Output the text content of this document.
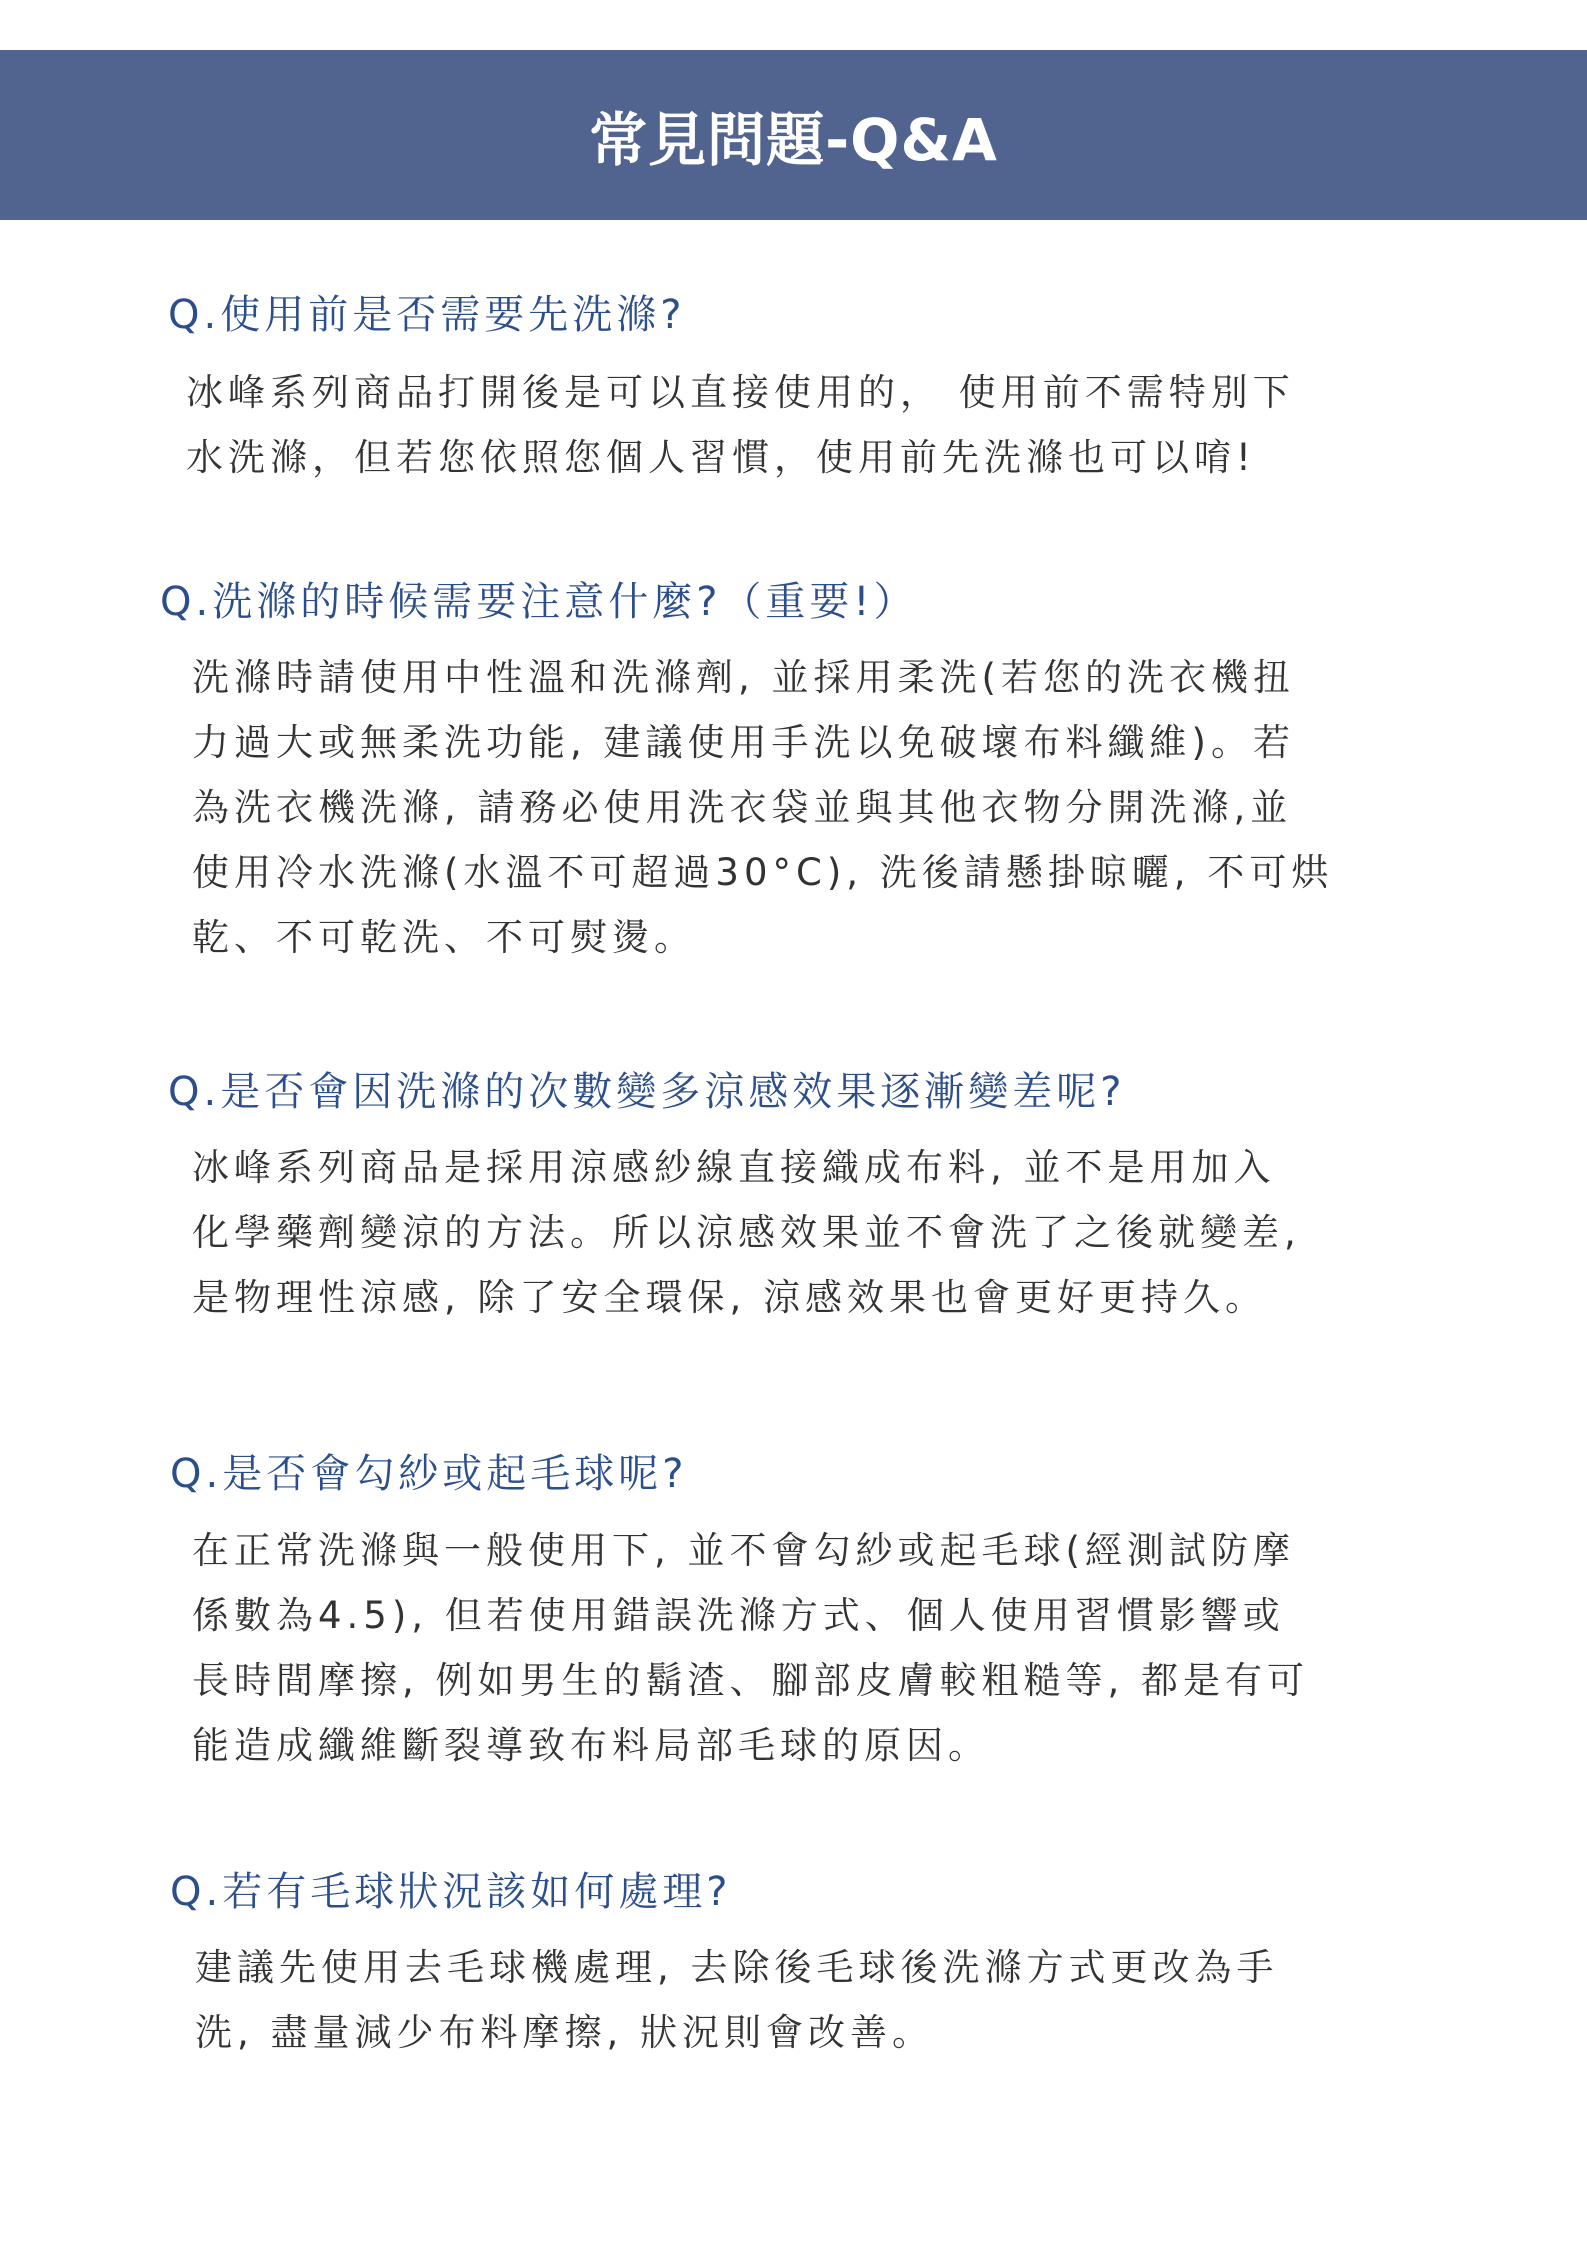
常見問題-Q&A
Q.使用前是否需要先洗滌?
冰峰系列商品打開後是可以直接使用的， 使用前不需特別下
水洗滌，但若您依照您個人習慣，使用前先洗滌也可以唷!
Q.洗滌的時候需要注意什麼?（重要!）
洗滌時請使用中性溫和洗滌劑, 並採用柔洗(若您的洗衣機扭
力過大或無柔洗功能, 建議使用手洗以免破壞布料纖維)。若
為洗衣機洗滌, 請務必使用洗衣袋並與其他衣物分開洗滌,並
使用冷水洗滌(水溫不可超過30°C), 洗後請懸掛晾曬, 不可烘
乾、不可乾洗、不可熨燙。
Q.是否會因洗滌的次數變多涼感效果逐漸變差呢?
冰峰系列商品是採用涼感紗線直接織成布料, 並不是用加入
化學藥劑變涼的方法。所以涼感效果並不會洗了之後就變差,
是物理性涼感, 除了安全環保, 涼感效果也會更好更持久。
Q.是否會勾紗或起毛球呢?
在正常洗滌與一般使用下, 並不會勾紗或起毛球(經測試防摩
係數為4.5), 但若使用錯誤洗滌方式、個人使用習慣影響或
長時間摩擦, 例如男生的鬍渣、腳部皮膚較粗糙等, 都是有可
能造成纖維斷裂導致布料局部毛球的原因。
Q.若有毛球狀況該如何處理?
建議先使用去毛球機處理, 去除後毛球後洗滌方式更改為手
洗, 盡量減少布料摩擦, 狀況則會改善。
